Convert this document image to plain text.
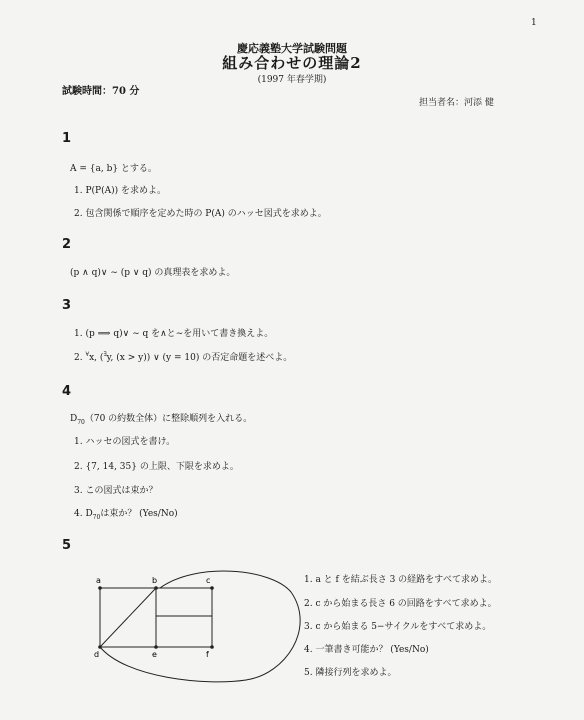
1
慶応義塾大学試験問題
組み合わせの理論2
(1997 年春学期)
試験時間：70 分
担当者名：河添 健
1
A = {a, b} とする。
1. P(P(A)) を求めよ。
2. 包含関係で順序を定めた時の P(A) のハッセ図式を求めよ。
2
(p ∧ q)∨ ∼ (p ∨ q) の真理表を求めよ。
3
1. (p ⟹ q)∨ ∼ q を∧と∼を用いて書き換えよ。
2. ∀x, (∃y, (x > y)) ∨ (y = 10) の否定命題を述べよ。
4
$D_{70}(70$ の約数全体）に整除順列を入れる。
1. ハッセの図式を書け。
2. {7, 14, 35} の上限、下限を求めよ。
3. この図式は束か？
4. $D_{70}$は束か？ (Yes/No)
5
a	b	c
d	e	f
1. a と f を結ぶ長さ 3 の経路をすべて求めよ。
2. c から始まる長さ 6 の回路をすべて求めよ。
3. c から始まる 5−サイクルをすべて求めよ。
4. 一筆書き可能か？ (Yes/No)
5. 隣接行列を求めよ。
